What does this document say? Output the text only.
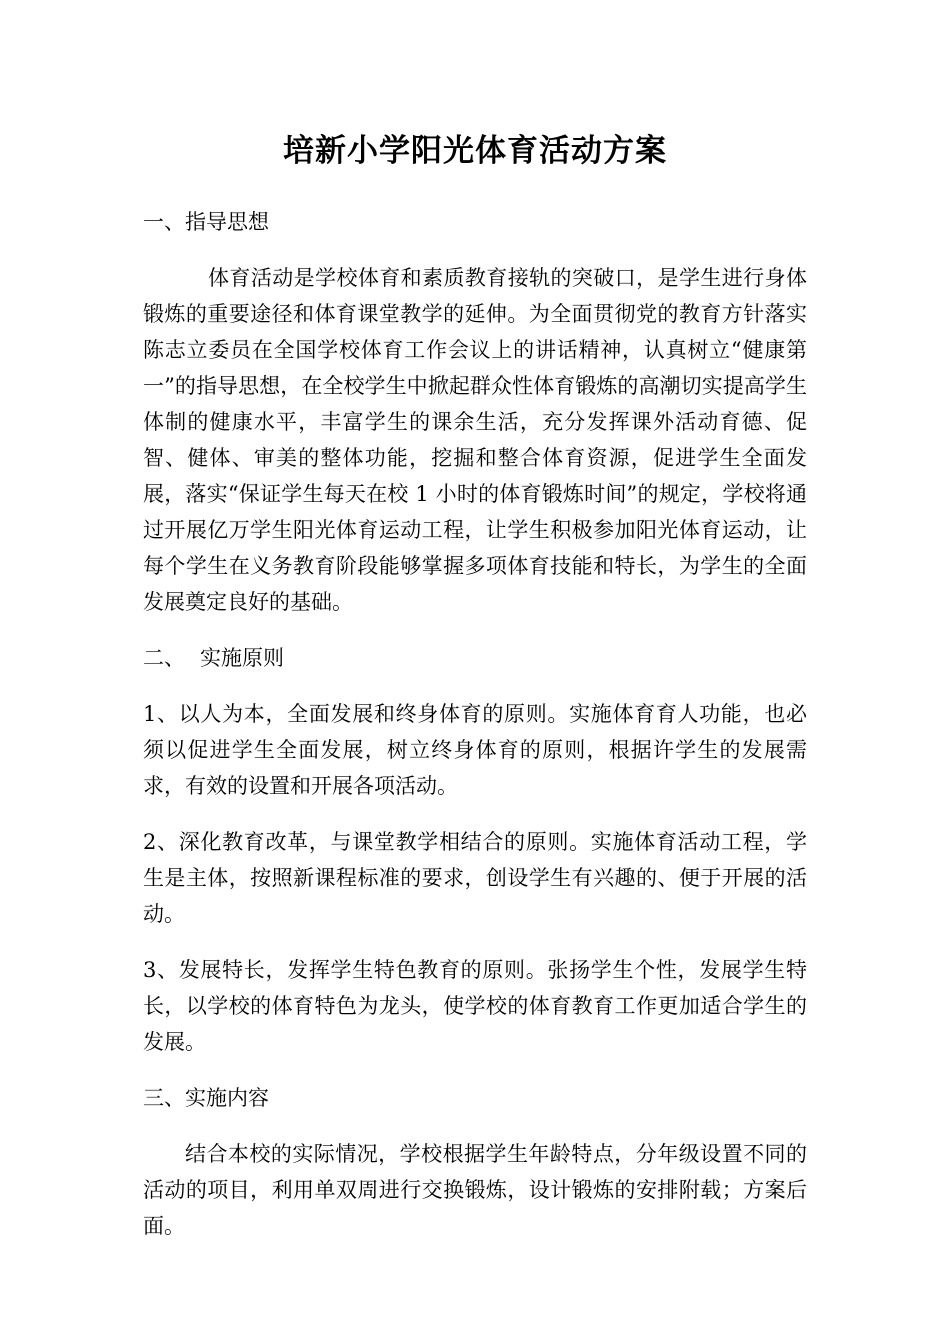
培新小学阳光体育活动方案
一、指导思想

体育活动是学校体育和素质教育接轨的突破口，是学生进行身体锻炼的重要途径和体育课堂教学的延伸。为全面贯彻党的教育方针落实陈志立委员在全国学校体育工作会议上的讲话精神，认真树立“健康第一”的指导思想，在全校学生中掀起群众性体育锻炼的高潮切实提高学生体制的健康水平，丰富学生的课余生活，充分发挥课外活动育德、促智、健体、审美的整体功能，挖掘和整合体育资源，促进学生全面发展，落实“保证学生每天在校 1 小时的体育锻炼时间”的规定，学校将通过开展亿万学生阳光体育运动工程，让学生积极参加阳光体育运动，让每个学生在义务教育阶段能够掌握多项体育技能和特长，为学生的全面发展奠定良好的基础。

二、 实施原则

1、以人为本，全面发展和终身体育的原则。实施体育育人功能，也必须以促进学生全面发展，树立终身体育的原则，根据许学生的发展需求，有效的设置和开展各项活动。

2、深化教育改革，与课堂教学相结合的原则。实施体育活动工程，学生是主体，按照新课程标准的要求，创设学生有兴趣的、便于开展的活动。

3、发展特长，发挥学生特色教育的原则。张扬学生个性，发展学生特长，以学校的体育特色为龙头，使学校的体育教育工作更加适合学生的发展。

三、实施内容

结合本校的实际情况，学校根据学生年龄特点，分年级设置不同的活动的项目，利用单双周进行交换锻炼，设计锻炼的安排附载；方案后面。
